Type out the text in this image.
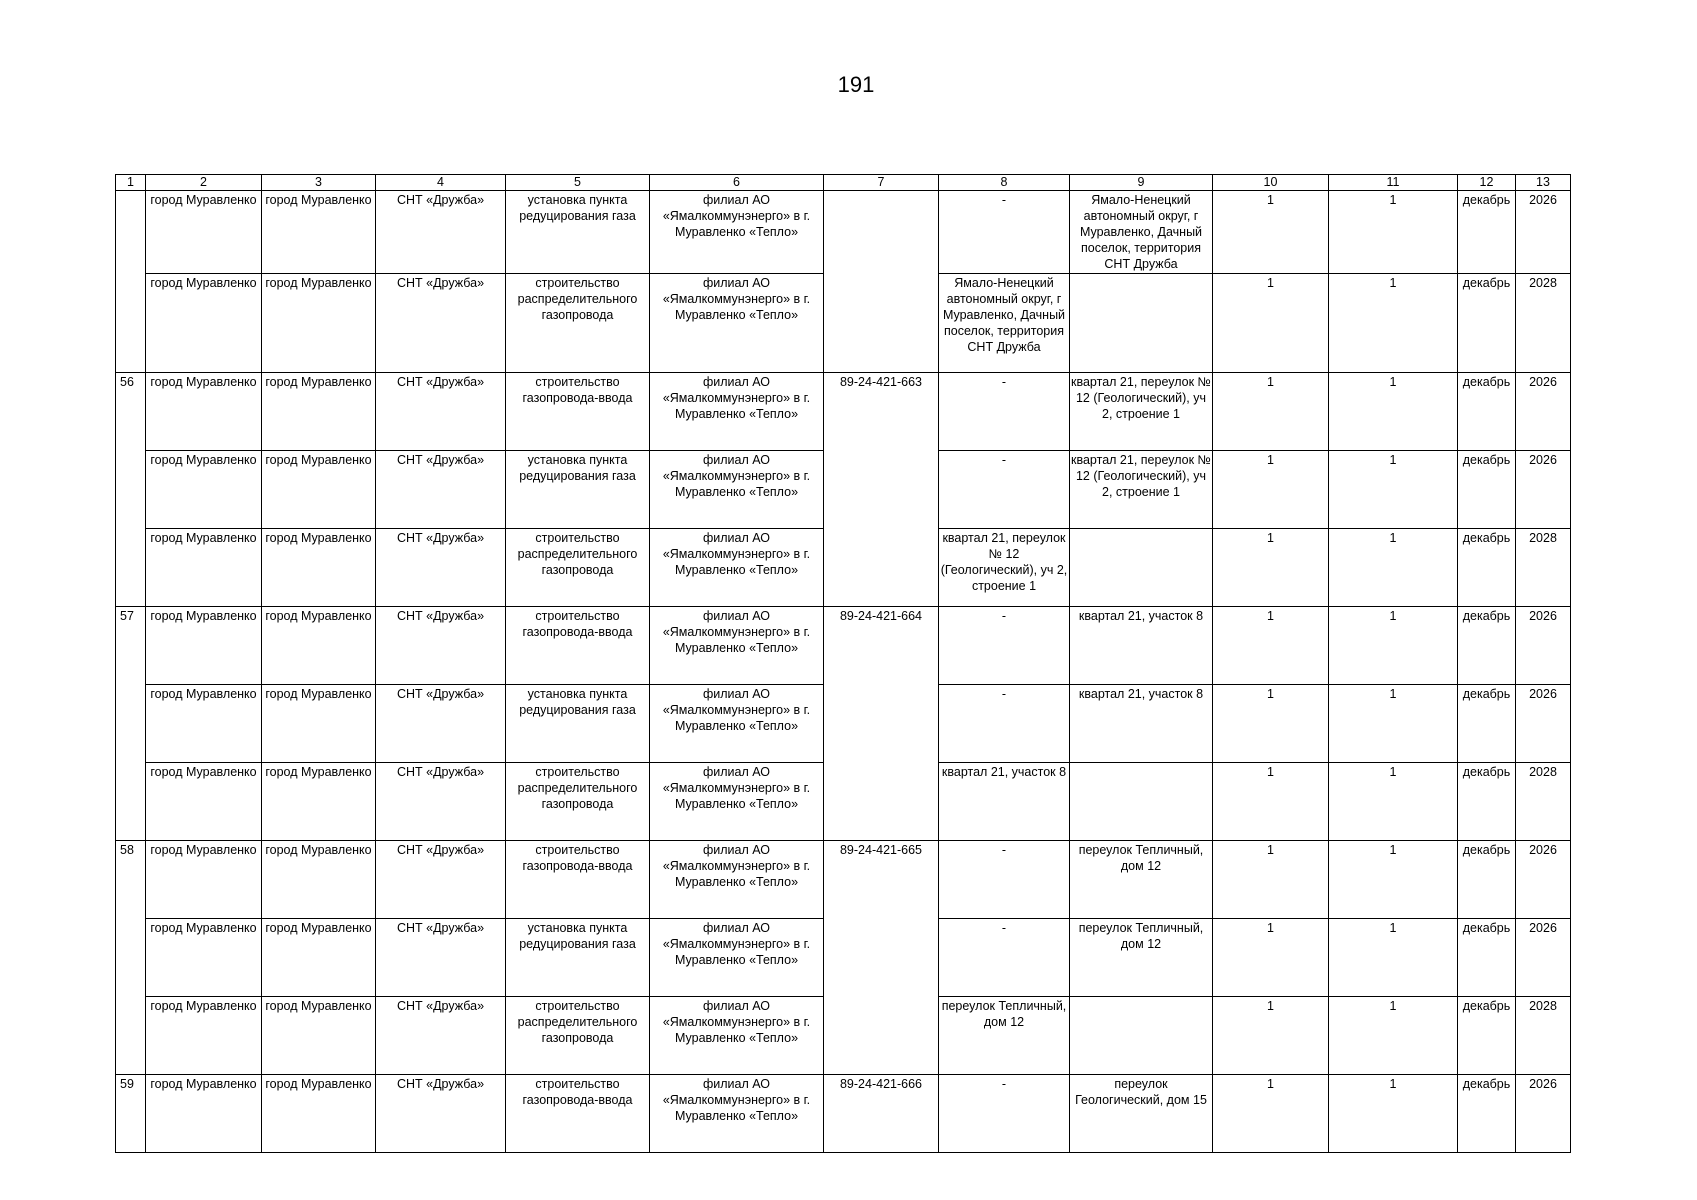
191
1	2	3	4	5	6	7	8	9	10	11	12	13
	город Муравленко	город Муравленко	СНТ «Дружба»	установка пункта редуцирования газа	филиал АО «Ямалкоммунэнерго» в г. Муравленко «Тепло»		-	Ямало-Ненецкий автономный округ, г Муравленко, Дачный поселок, территория СНТ Дружба	1	1	декабрь	2026
	город Муравленко	город Муравленко	СНТ «Дружба»	строительство распределительного газопровода	филиал АО «Ямалкоммунэнерго» в г. Муравленко «Тепло»		Ямало-Ненецкий автономный округ, г Муравленко, Дачный поселок, территория СНТ Дружба		1	1	декабрь	2028
56	город Муравленко	город Муравленко	СНТ «Дружба»	строительство газопровода-ввода	филиал АО «Ямалкоммунэнерго» в г. Муравленко «Тепло»	89-24-421-663	-	квартал 21, переулок № 12 (Геологический), уч 2, строение 1	1	1	декабрь	2026
	город Муравленко	город Муравленко	СНТ «Дружба»	установка пункта редуцирования газа	филиал АО «Ямалкоммунэнерго» в г. Муравленко «Тепло»		-	квартал 21, переулок № 12 (Геологический), уч 2, строение 1	1	1	декабрь	2026
	город Муравленко	город Муравленко	СНТ «Дружба»	строительство распределительного газопровода	филиал АО «Ямалкоммунэнерго» в г. Муравленко «Тепло»		квартал 21, переулок № 12 (Геологический), уч 2, строение 1		1	1	декабрь	2028
57	город Муравленко	город Муравленко	СНТ «Дружба»	строительство газопровода-ввода	филиал АО «Ямалкоммунэнерго» в г. Муравленко «Тепло»	89-24-421-664	-	квартал 21, участок 8	1	1	декабрь	2026
	город Муравленко	город Муравленко	СНТ «Дружба»	установка пункта редуцирования газа	филиал АО «Ямалкоммунэнерго» в г. Муравленко «Тепло»		-	квартал 21, участок 8	1	1	декабрь	2026
	город Муравленко	город Муравленко	СНТ «Дружба»	строительство распределительного газопровода	филиал АО «Ямалкоммунэнерго» в г. Муравленко «Тепло»		квартал 21, участок 8		1	1	декабрь	2028
58	город Муравленко	город Муравленко	СНТ «Дружба»	строительство газопровода-ввода	филиал АО «Ямалкоммунэнерго» в г. Муравленко «Тепло»	89-24-421-665	-	переулок Тепличный, дом 12	1	1	декабрь	2026
	город Муравленко	город Муравленко	СНТ «Дружба»	установка пункта редуцирования газа	филиал АО «Ямалкоммунэнерго» в г. Муравленко «Тепло»		-	переулок Тепличный, дом 12	1	1	декабрь	2026
	город Муравленко	город Муравленко	СНТ «Дружба»	строительство распределительного газопровода	филиал АО «Ямалкоммунэнерго» в г. Муравленко «Тепло»		переулок Тепличный, дом 12		1	1	декабрь	2028
59	город Муравленко	город Муравленко	СНТ «Дружба»	строительство газопровода-ввода	филиал АО «Ямалкоммунэнерго» в г. Муравленко «Тепло»	89-24-421-666	-	переулок Геологический, дом 15	1	1	декабрь	2026
